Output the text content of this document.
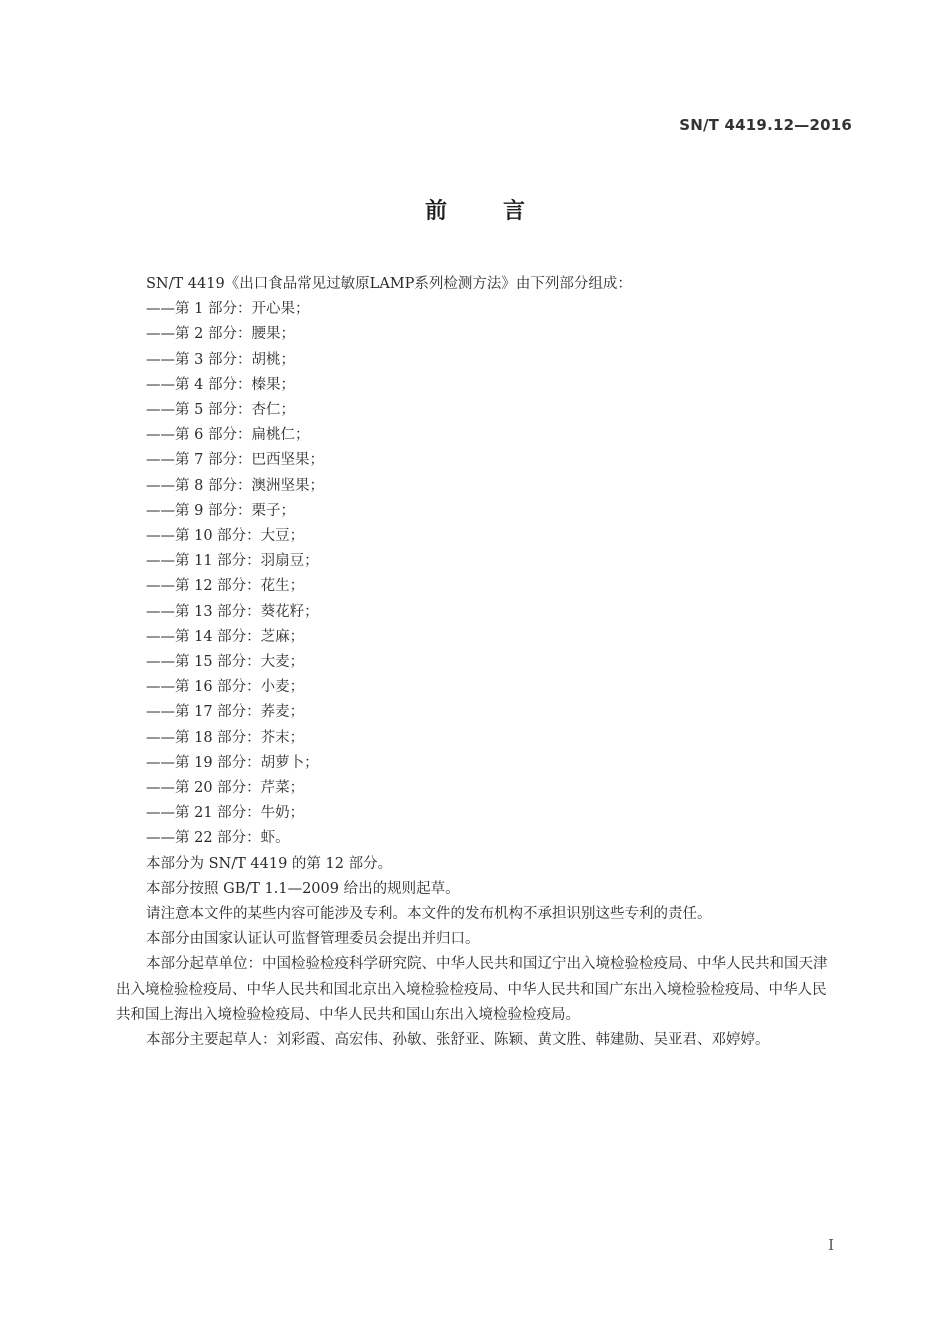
SN/T 4419.12—2016
前言

SN/T 4419《出口食品常见过敏原LAMP系列检测方法》由下列部分组成：

——第 1 部分：开心果；
——第 2 部分：腰果；
——第 3 部分：胡桃；
——第 4 部分：榛果；
——第 5 部分：杏仁；
——第 6 部分：扁桃仁；
——第 7 部分：巴西坚果；
——第 8 部分：澳洲坚果；
——第 9 部分：栗子；
——第 10 部分：大豆；
——第 11 部分：羽扇豆；
——第 12 部分：花生；
——第 13 部分：葵花籽；
——第 14 部分：芝麻；
——第 15 部分：大麦；
——第 16 部分：小麦；
——第 17 部分：荞麦；
——第 18 部分：芥末；
——第 19 部分：胡萝卜；
——第 20 部分：芹菜；
——第 21 部分：牛奶；
——第 22 部分：虾。

本部分为 SN/T 4419 的第 12 部分。

本部分按照 GB/T 1.1—2009 给出的规则起草。

请注意本文件的某些内容可能涉及专利。本文件的发布机构不承担识别这些专利的责任。

本部分由国家认证认可监督管理委员会提出并归口。

本部分起草单位：中国检验检疫科学研究院、中华人民共和国辽宁出入境检验检疫局、中华人民共和国天津出入境检验检疫局、中华人民共和国北京出入境检验检疫局、中华人民共和国广东出入境检验检疫局、中华人民共和国上海出入境检验检疫局、中华人民共和国山东出入境检验检疫局。

本部分主要起草人：刘彩霞、高宏伟、孙敏、张舒亚、陈颖、黄文胜、韩建勋、吴亚君、邓婷婷。

I
